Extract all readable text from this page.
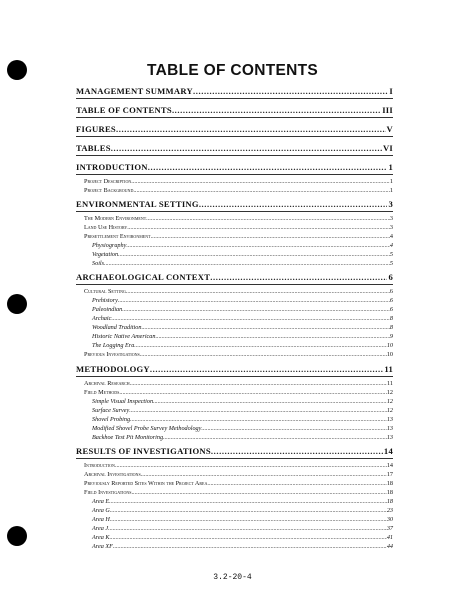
TABLE OF CONTENTS
MANAGEMENT SUMMARY .....	I
TABLE OF CONTENTS .....	III
FIGURES .....	V
TABLES .....	VI
INTRODUCTION .....	1
Project Description .....	1
Project Background .....	1
ENVIRONMENTAL SETTING .....	3
The Modern Environment .....	3
Land Use History .....	3
Presettlement Environment .....	4
Physiography .....	4
Vegetation .....	5
Soils .....	5
ARCHAEOLOGICAL CONTEXT .....	6
Cultural Setting .....	6
Prehistory .....	6
Paleoindian .....	6
Archaic .....	8
Woodland Tradition .....	8
Historic Native American .....	9
The Logging Era .....	10
Previous Investigations .....	10
METHODOLOGY .....	11
Archival Research .....	11
Field Methods .....	12
Simple Visual Inspection .....	12
Surface Survey .....	12
Shovel Probing .....	13
Modified Shovel Probe Survey Methodology .....	13
Backhoe Test Pit Monitoring .....	13
RESULTS OF INVESTIGATIONS .....	14
Introduction .....	14
Archival Investigations .....	17
Previously Reported Sites Within the Project Area .....	18
Field Investigations .....	18
Area E .....	18
Area G .....	23
Area H .....	30
Area J .....	37
Area K .....	41
Area XF .....	44
3.2-20-4
